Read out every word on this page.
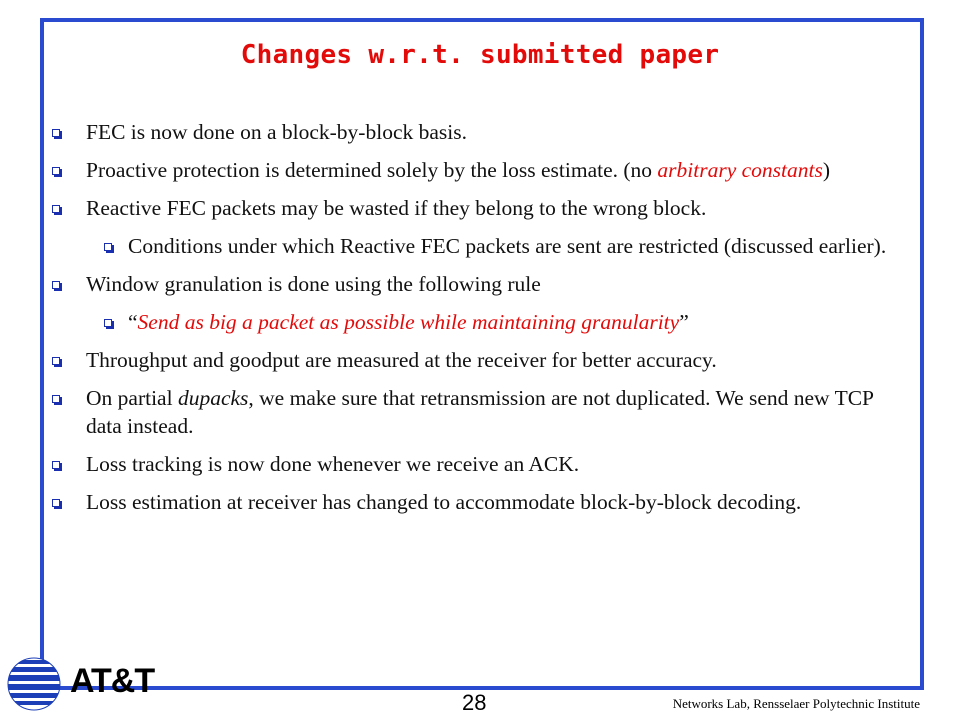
Changes w.r.t. submitted paper
FEC is now done on a block-by-block basis.
Proactive protection is determined solely by the loss estimate. (no arbitrary constants)
Reactive FEC packets may be wasted if they belong to the wrong block.
Conditions under which Reactive FEC packets are sent are restricted (discussed earlier).
Window granulation is done using the following rule
“Send as big a packet as possible while maintaining granularity”
Throughput and goodput are measured at the receiver for better accuracy.
On partial dupacks, we make sure that retransmission are not duplicated. We send new TCP data instead.
Loss tracking is now done whenever we receive an ACK.
Loss estimation at receiver has changed to accommodate block-by-block decoding.
AT&T
28	Networks Lab, Rensselaer Polytechnic Institute
